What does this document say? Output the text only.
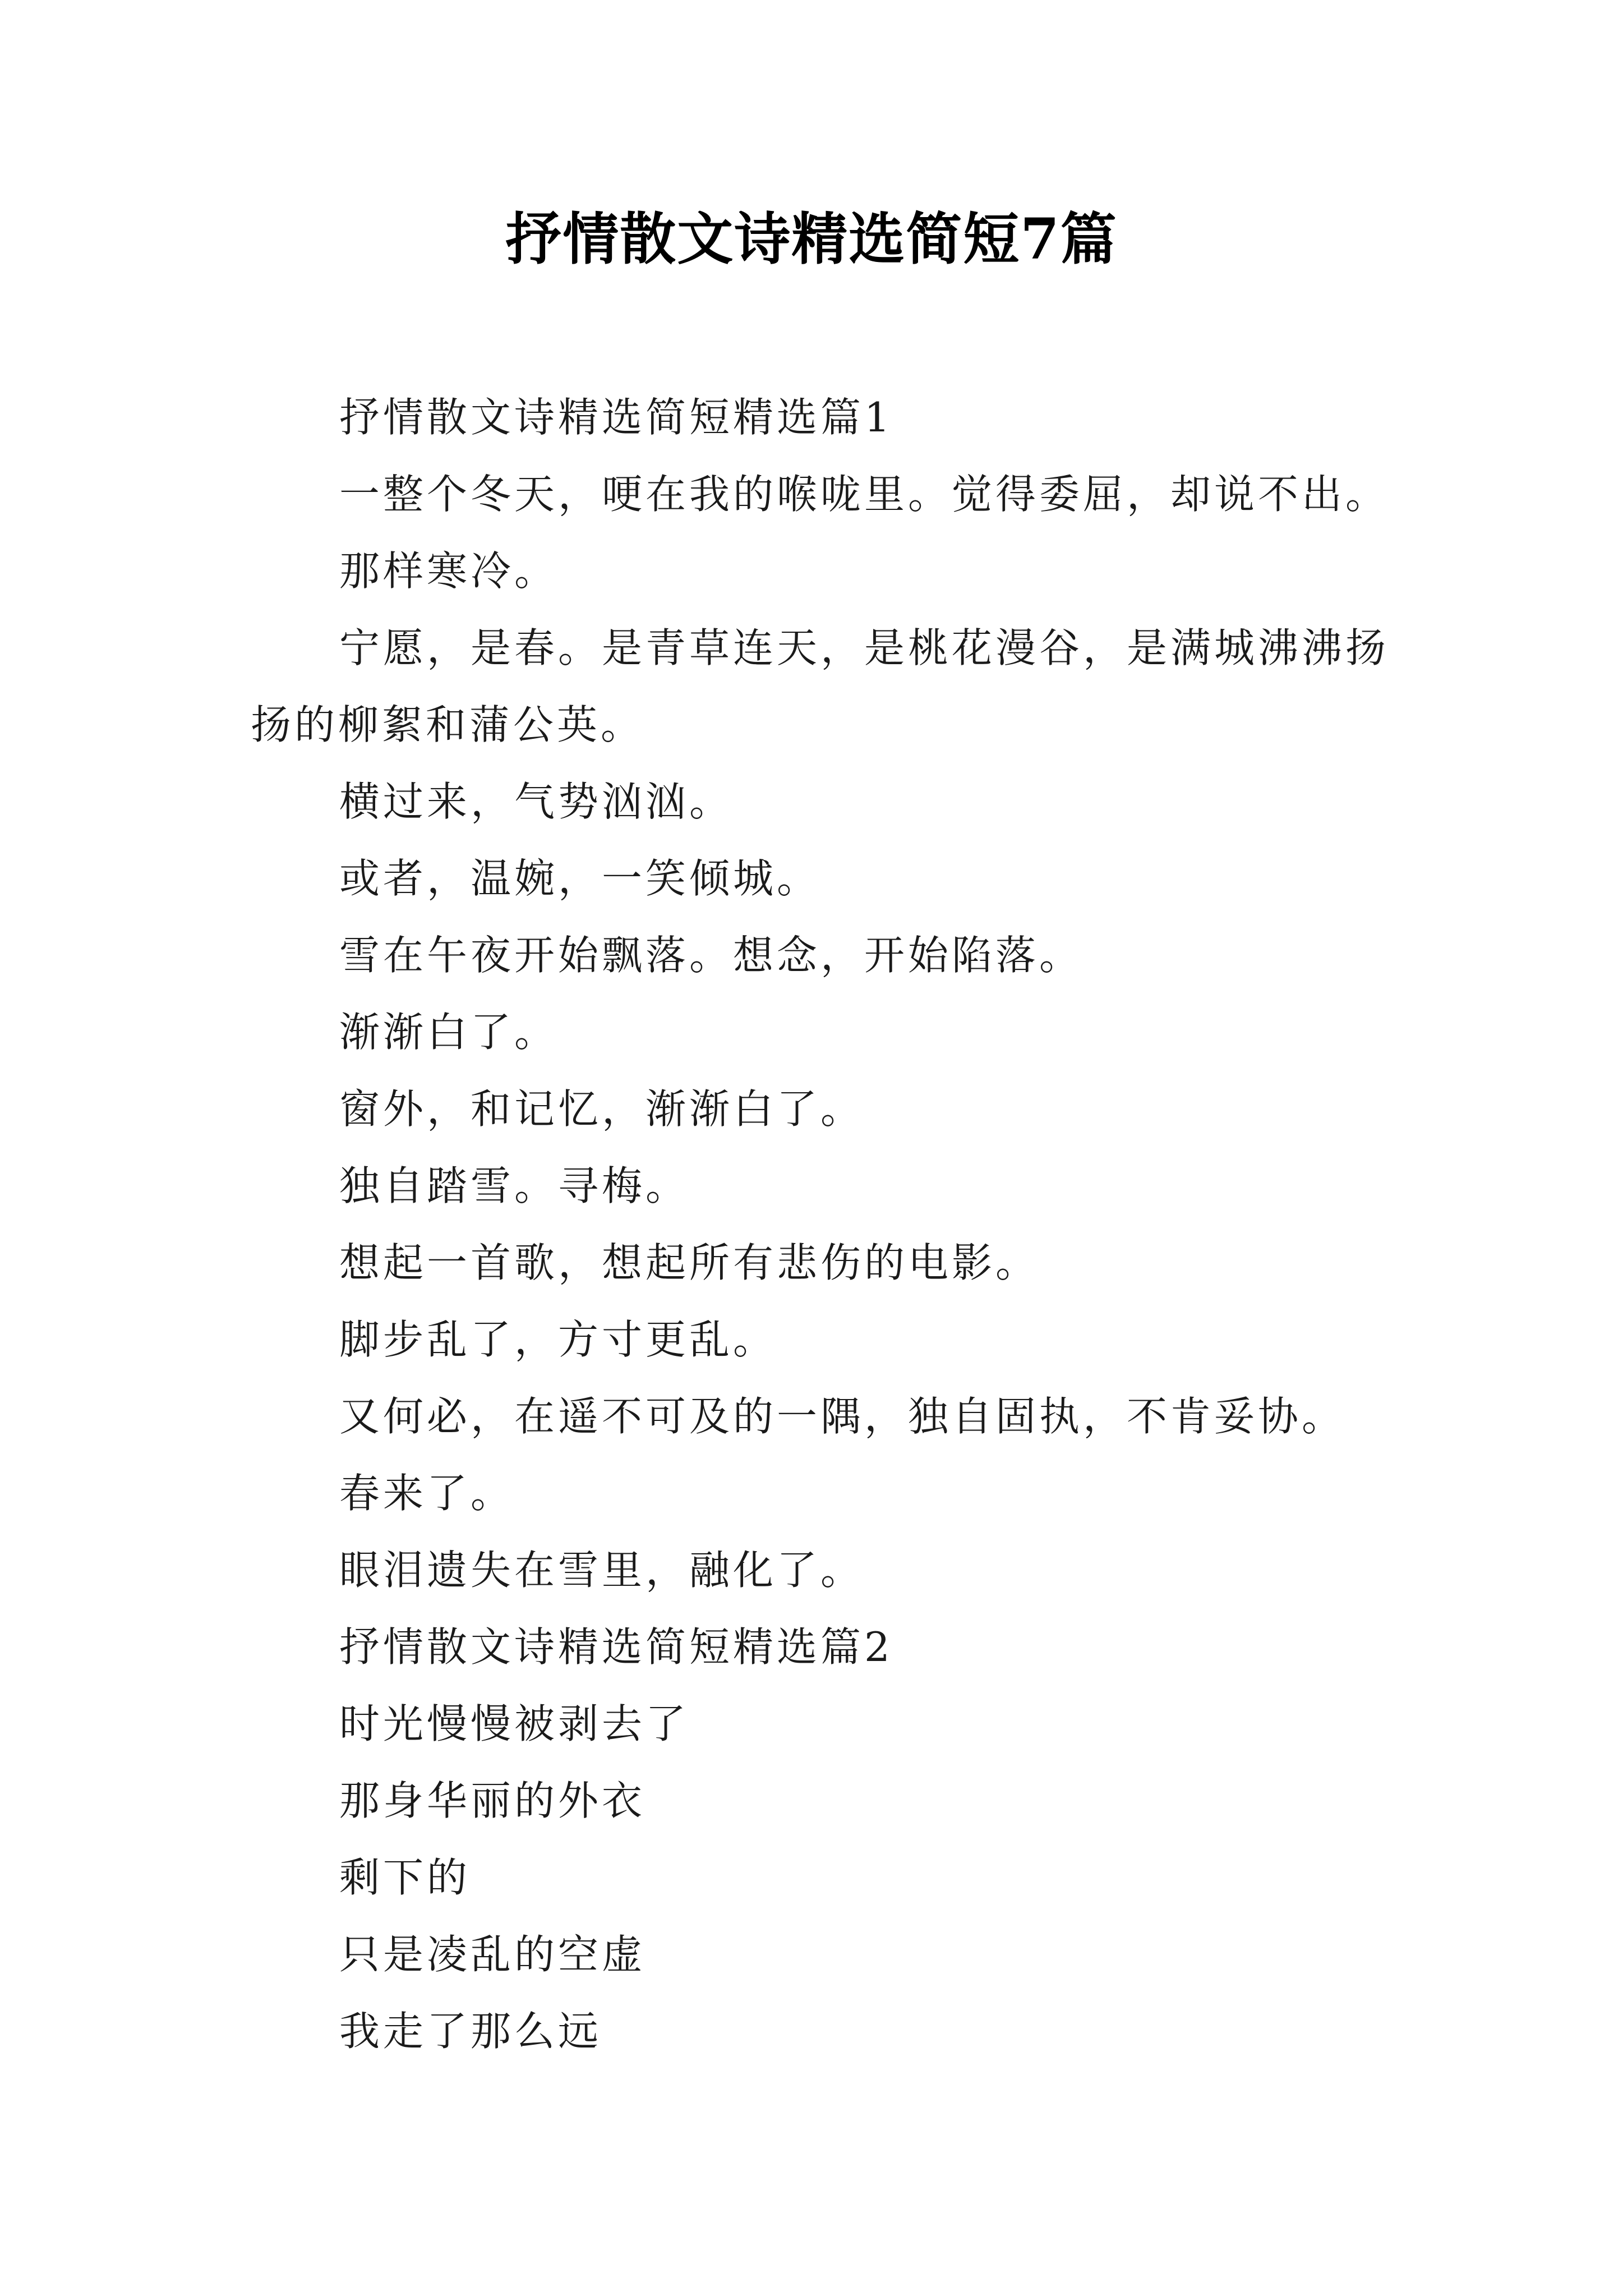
抒情散文诗精选简短7篇

抒情散文诗精选简短精选篇1

一整个冬天，哽在我的喉咙里。觉得委屈，却说不出。

那样寒冷。

宁愿，是春。是青草连天，是桃花漫谷，是满城沸沸扬扬的柳絮和蒲公英。

横过来，气势汹汹。

或者，温婉，一笑倾城。

雪在午夜开始飘落。想念，开始陷落。

渐渐白了。

窗外，和记忆，渐渐白了。

独自踏雪。寻梅。

想起一首歌，想起所有悲伤的电影。

脚步乱了，方寸更乱。

又何必，在遥不可及的一隅，独自固执，不肯妥协。

春来了。

眼泪遗失在雪里，融化了。

抒情散文诗精选简短精选篇2

时光慢慢被剥去了

那身华丽的外衣

剩下的

只是凌乱的空虚

我走了那么远
